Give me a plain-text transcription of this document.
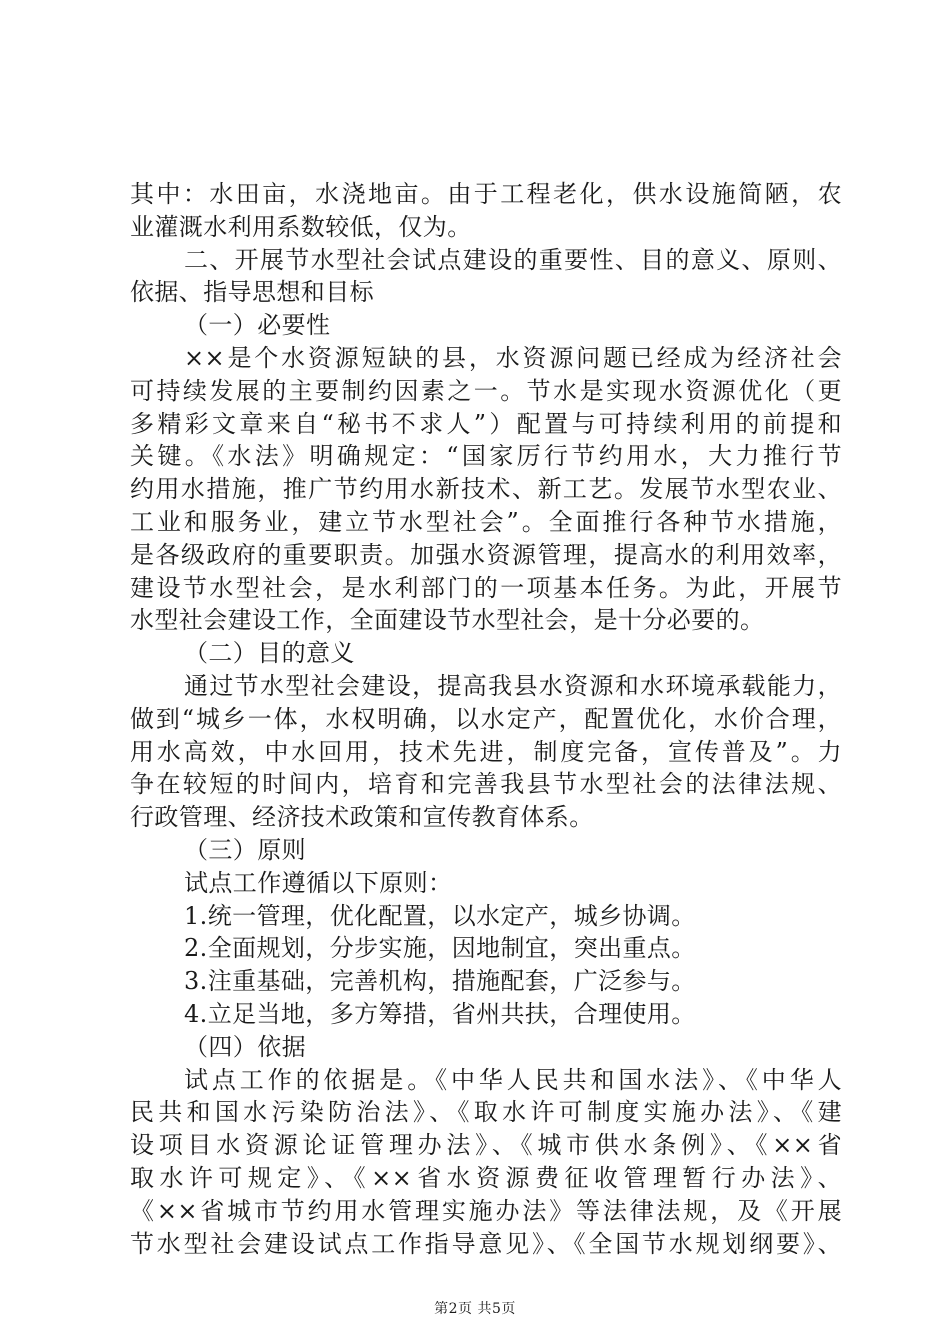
其中：水田亩，水浇地亩。由于工程老化，供水设施简陋，农
业灌溉水利用系数较低，仅为。
二、开展节水型社会试点建设的重要性、目的意义、原则、
依据、指导思想和目标
（一）必要性
××是个水资源短缺的县，水资源问题已经成为经济社会
可持续发展的主要制约因素之一。节水是实现水资源优化（更
多精彩文章来自“秘书不求人”）配置与可持续利用的前提和
关键。《水法》明确规定：“国家厉行节约用水，大力推行节
约用水措施，推广节约用水新技术、新工艺。发展节水型农业、
工业和服务业，建立节水型社会”。全面推行各种节水措施，
是各级政府的重要职责。加强水资源管理，提高水的利用效率，
建设节水型社会，是水利部门的一项基本任务。为此，开展节
水型社会建设工作，全面建设节水型社会，是十分必要的。
（二）目的意义
通过节水型社会建设，提高我县水资源和水环境承载能力，
做到“城乡一体，水权明确，以水定产，配置优化，水价合理，
用水高效，中水回用，技术先进，制度完备，宣传普及”。力
争在较短的时间内，培育和完善我县节水型社会的法律法规、
行政管理、经济技术政策和宣传教育体系。
（三）原则
试点工作遵循以下原则：
1.统一管理，优化配置，以水定产，城乡协调。
2.全面规划，分步实施，因地制宜，突出重点。
3.注重基础，完善机构，措施配套，广泛参与。
4.立足当地，多方筹措，省州共扶，合理使用。
（四）依据
试点工作的依据是。《中华人民共和国水法》、《中华人
民共和国水污染防治法》、《取水许可制度实施办法》、《建
设项目水资源论证管理办法》、《城市供水条例》、《××省
取水许可规定》、《××省水资源费征收管理暂行办法》、
《××省城市节约用水管理实施办法》等法律法规，及《开展
节水型社会建设试点工作指导意见》、《全国节水规划纲要》、
第2页 共5页
